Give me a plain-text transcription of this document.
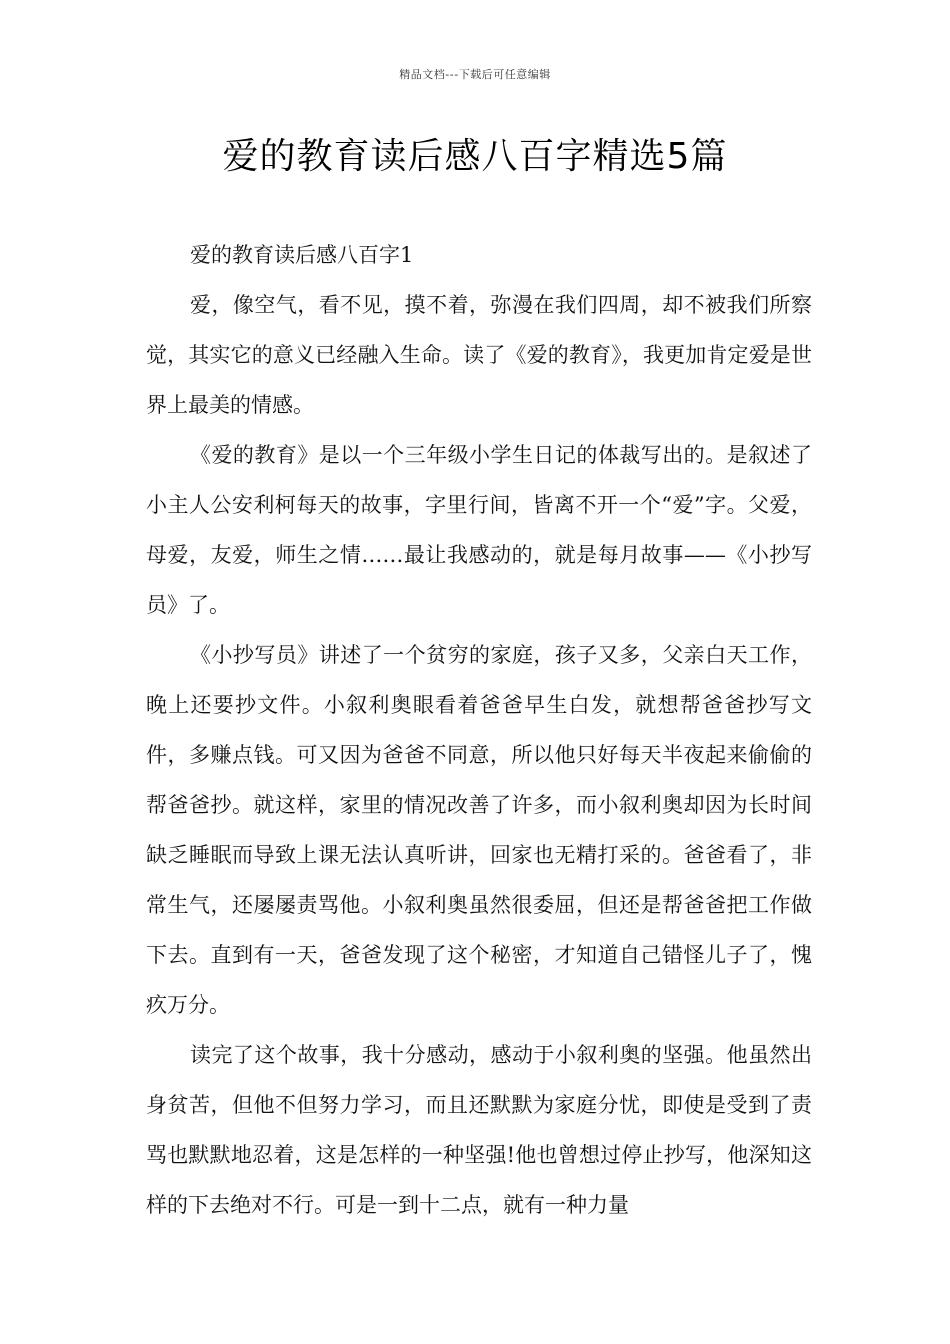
精品文档---下载后可任意编辑
爱的教育读后感八百字精选5篇

爱的教育读后感八百字1

爱，像空气，看不见，摸不着，弥漫在我们四周，却不被我们所察觉，其实它的意义已经融入生命。读了《爱的教育》，我更加肯定爱是世界上最美的情感。

《爱的教育》是以一个三年级小学生日记的体裁写出的。是叙述了小主人公安利柯每天的故事，字里行间，皆离不开一个“爱”字。父爱，母爱，友爱，师生之情……最让我感动的，就是每月故事——《小抄写员》了。

《小抄写员》讲述了一个贫穷的家庭，孩子又多，父亲白天工作，晚上还要抄文件。小叙利奥眼看着爸爸早生白发，就想帮爸爸抄写文件，多赚点钱。可又因为爸爸不同意，所以他只好每天半夜起来偷偷的帮爸爸抄。就这样，家里的情况改善了许多，而小叙利奥却因为长时间缺乏睡眠而导致上课无法认真听讲，回家也无精打采的。爸爸看了，非常生气，还屡屡责骂他。小叙利奥虽然很委屈，但还是帮爸爸把工作做下去。直到有一天，爸爸发现了这个秘密，才知道自己错怪儿子了，愧疚万分。

读完了这个故事，我十分感动，感动于小叙利奥的坚强。他虽然出身贫苦，但他不但努力学习，而且还默默为家庭分忧，即使是受到了责骂也默默地忍着，这是怎样的一种坚强!他也曾想过停止抄写，他深知这样的下去绝对不行。可是一到十二点，就有一种力量
